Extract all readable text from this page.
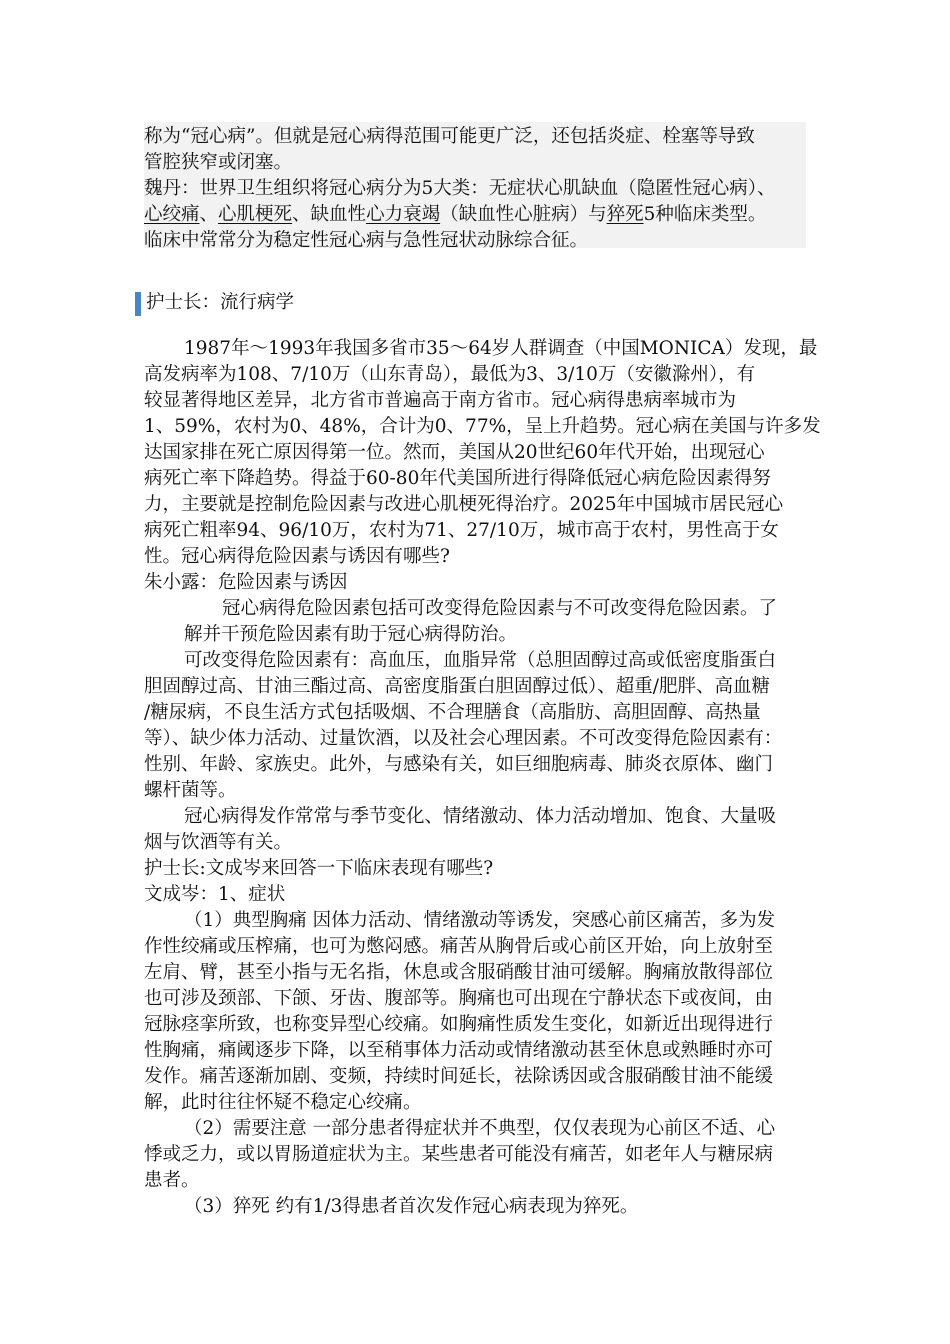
称为“冠心病”。但就是冠心病得范围可能更广泛，还包括炎症、栓塞等导致
管腔狭窄或闭塞。
魏丹：世界卫生组织将冠心病分为5大类：无症状心肌缺血（隐匿性冠心病）、
心绞痛、心肌梗死、缺血性心力衰竭（缺血性心脏病）与猝死5种临床类型。
临床中常常分为稳定性冠心病与急性冠状动脉综合征。
护士长：流行病学
1987年～1993年我国多省市35～64岁人群调查（中国MONICA）发现，最
高发病率为108、7/10万（山东青岛），最低为3、3/10万（安徽滁州），有
较显著得地区差异，北方省市普遍高于南方省市。冠心病得患病率城市为
1、59%，农村为0、48%，合计为0、77%，呈上升趋势。冠心病在美国与许多发
达国家排在死亡原因得第一位。然而，美国从20世纪60年代开始，出现冠心
病死亡率下降趋势。得益于60-80年代美国所进行得降低冠心病危险因素得努
力，主要就是控制危险因素与改进心肌梗死得治疗。2025年中国城市居民冠心
病死亡粗率94、96/10万，农村为71、27/10万，城市高于农村，男性高于女
性。冠心病得危险因素与诱因有哪些?
朱小露：危险因素与诱因
冠心病得危险因素包括可改变得危险因素与不可改变得危险因素。了
解并干预危险因素有助于冠心病得防治。
可改变得危险因素有：高血压，血脂异常（总胆固醇过高或低密度脂蛋白
胆固醇过高、甘油三酯过高、高密度脂蛋白胆固醇过低）、超重/肥胖、高血糖
/糖尿病，不良生活方式包括吸烟、不合理膳食（高脂肪、高胆固醇、高热量
等）、缺少体力活动、过量饮酒，以及社会心理因素。不可改变得危险因素有：
性别、年龄、家族史。此外，与感染有关，如巨细胞病毒、肺炎衣原体、幽门
螺杆菌等。
冠心病得发作常常与季节变化、情绪激动、体力活动增加、饱食、大量吸
烟与饮酒等有关。
护士长:文成岑来回答一下临床表现有哪些?
文成岑：1、症状
（1）典型胸痛 因体力活动、情绪激动等诱发，突感心前区痛苦，多为发
作性绞痛或压榨痛，也可为憋闷感。痛苦从胸骨后或心前区开始，向上放射至
左肩、臂，甚至小指与无名指，休息或含服硝酸甘油可缓解。胸痛放散得部位
也可涉及颈部、下颌、牙齿、腹部等。胸痛也可出现在宁静状态下或夜间，由
冠脉痉挛所致，也称变异型心绞痛。如胸痛性质发生变化，如新近出现得进行
性胸痛，痛阈逐步下降，以至稍事体力活动或情绪激动甚至休息或熟睡时亦可
发作。痛苦逐渐加剧、变频，持续时间延长，祛除诱因或含服硝酸甘油不能缓
解，此时往往怀疑不稳定心绞痛。
（2）需要注意 一部分患者得症状并不典型，仅仅表现为心前区不适、心
悸或乏力，或以胃肠道症状为主。某些患者可能没有痛苦，如老年人与糖尿病
患者。
（3）猝死 约有1/3得患者首次发作冠心病表现为猝死。
